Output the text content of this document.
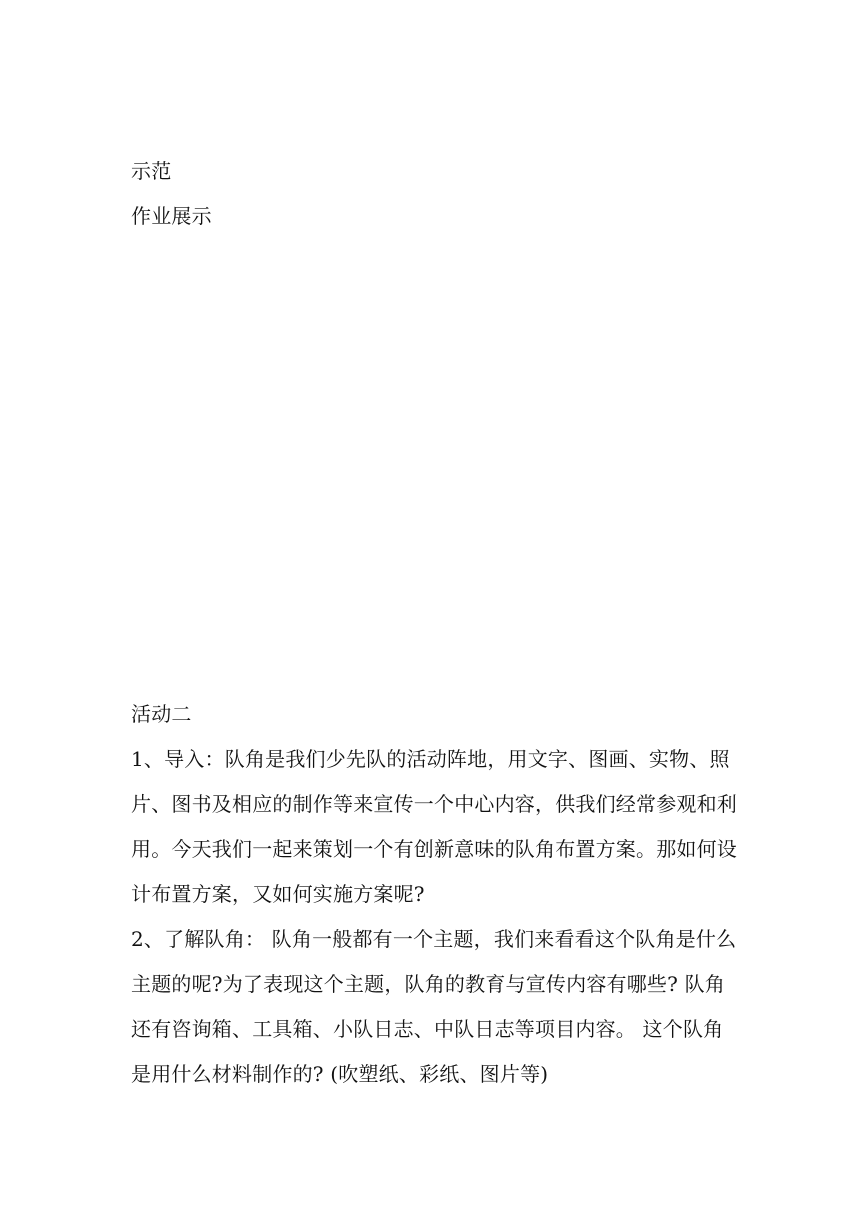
示范
作业展示
活动二
1、导入：队角是我们少先队的活动阵地，用文字、图画、实物、照
片、图书及相应的制作等来宣传一个中心内容，供我们经常参观和利
用。今天我们一起来策划一个有创新意味的队角布置方案。那如何设
计布置方案，又如何实施方案呢?
2、了解队角： 队角一般都有一个主题，我们来看看这个队角是什么
主题的呢?为了表现这个主题，队角的教育与宣传内容有哪些? 队角
还有咨询箱、工具箱、小队日志、中队日志等项目内容。 这个队角
是用什么材料制作的? (吹塑纸、彩纸、图片等)
